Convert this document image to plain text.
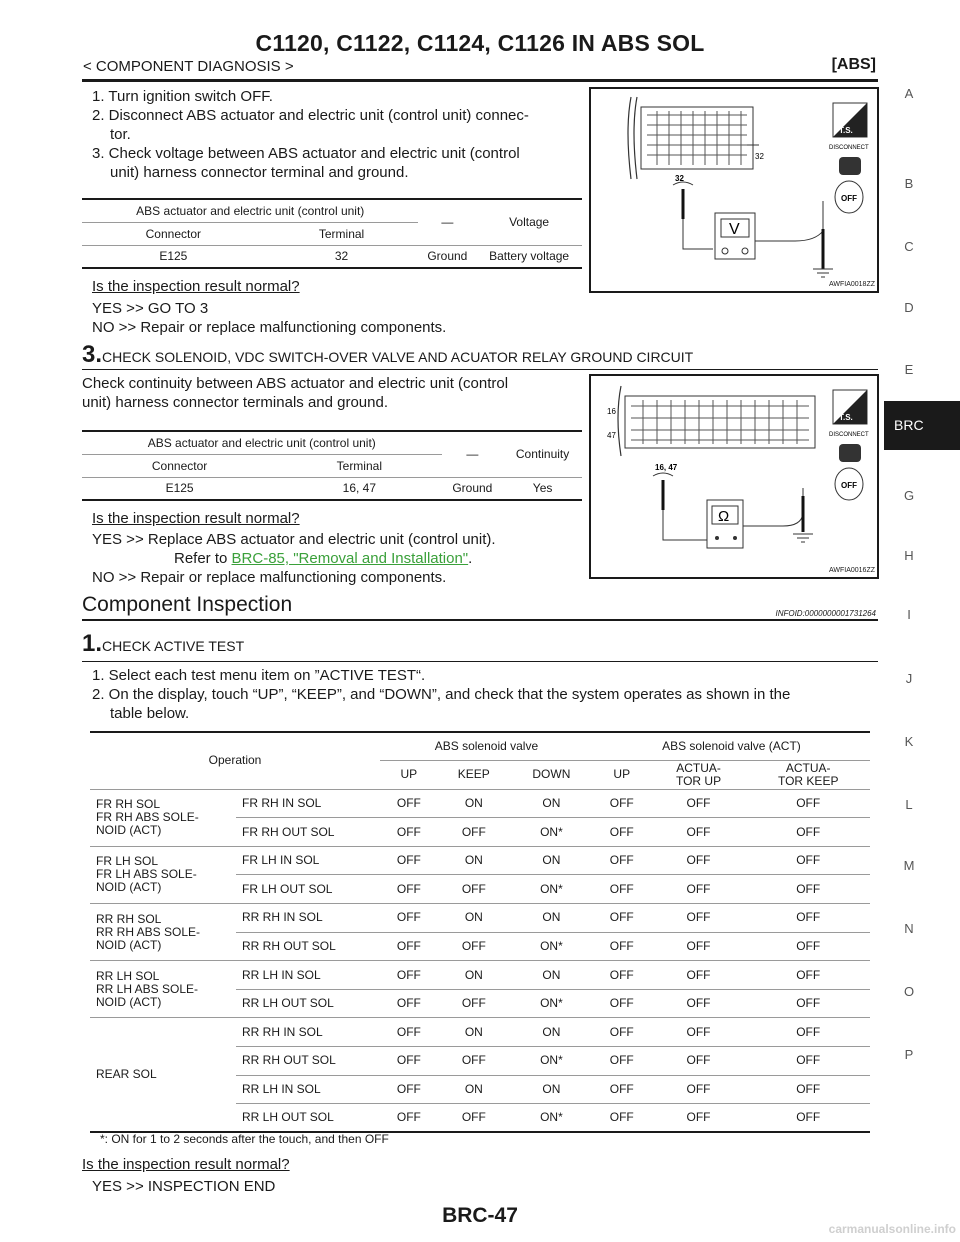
C1120, C1122, C1124, C1126 IN ABS SOL
< COMPONENT DIAGNOSIS >	[ABS]
A
B
C
D
E
BRC
G
H
I
J
K
L
M
N
O
P
1. Turn ignition switch OFF.
2. Disconnect ABS actuator and electric unit (control unit) connec-
tor.
3. Check voltage between ABS actuator and electric unit (control
unit) harness connector terminal and ground.
ABS actuator and electric unit (control unit)		—	Voltage
Connector	Terminal		
E125	32	Ground	Battery voltage
Is the inspection result normal?
YES >> GO TO 3
NO >> Repair or replace malfunctioning components.
32
32
V
T.S.
DISCONNECT
OFF
AWFIA0018ZZ
3.CHECK SOLENOID, VDC SWITCH-OVER VALVE AND ACUATOR RELAY GROUND CIRCUIT
Check continuity between ABS actuator and electric unit (control
unit) harness connector terminals and ground.
ABS actuator and electric unit (control unit)		—	Continuity
Connector	Terminal		
E125	16, 47	Ground	Yes
Is the inspection result normal?
YES >> Replace ABS actuator and electric unit (control unit).
Refer to BRC-85, "Removal and Installation".
NO >> Repair or replace malfunctioning components.
16
47
16, 47
Ω
T.S.
DISCONNECT
OFF
AWFIA0016ZZ
Component Inspection	INFOID:0000000001731264
1.CHECK ACTIVE TEST
1. Select each test menu item on ”ACTIVE TEST“.
2. On the display, touch “UP”, “KEEP”, and “DOWN”, and check that the system operates as shown in the
table below.
Operation		ABS solenoid valve			ABS solenoid valve (ACT)		
		UP	KEEP	DOWN	UP	ACTUA-
TOR UP	ACTUA-
TOR KEEP
FR RH SOL
FR RH ABS SOLE-
NOID (ACT)	FR RH IN SOL	OFF	ON	ON	OFF	OFF	OFF
	FR RH OUT SOL	OFF	OFF	ON*	OFF	OFF	OFF
FR LH SOL
FR LH ABS SOLE-
NOID (ACT)	FR LH IN SOL	OFF	ON	ON	OFF	OFF	OFF
	FR LH OUT SOL	OFF	OFF	ON*	OFF	OFF	OFF
RR RH SOL
RR RH ABS SOLE-
NOID (ACT)	RR RH IN SOL	OFF	ON	ON	OFF	OFF	OFF
	RR RH OUT SOL	OFF	OFF	ON*	OFF	OFF	OFF
RR LH SOL
RR LH ABS SOLE-
NOID (ACT)	RR LH IN SOL	OFF	ON	ON	OFF	OFF	OFF
	RR LH OUT SOL	OFF	OFF	ON*	OFF	OFF	OFF
REAR SOL	RR RH IN SOL	OFF	ON	ON	OFF	OFF	OFF
	RR RH OUT SOL	OFF	OFF	ON*	OFF	OFF	OFF
	RR LH IN SOL	OFF	ON	ON	OFF	OFF	OFF
	RR LH OUT SOL	OFF	OFF	ON*	OFF	OFF	OFF
*: ON for 1 to 2 seconds after the touch, and then OFF
Is the inspection result normal?
YES >> INSPECTION END
BRC-47
carmanualsonline.info
